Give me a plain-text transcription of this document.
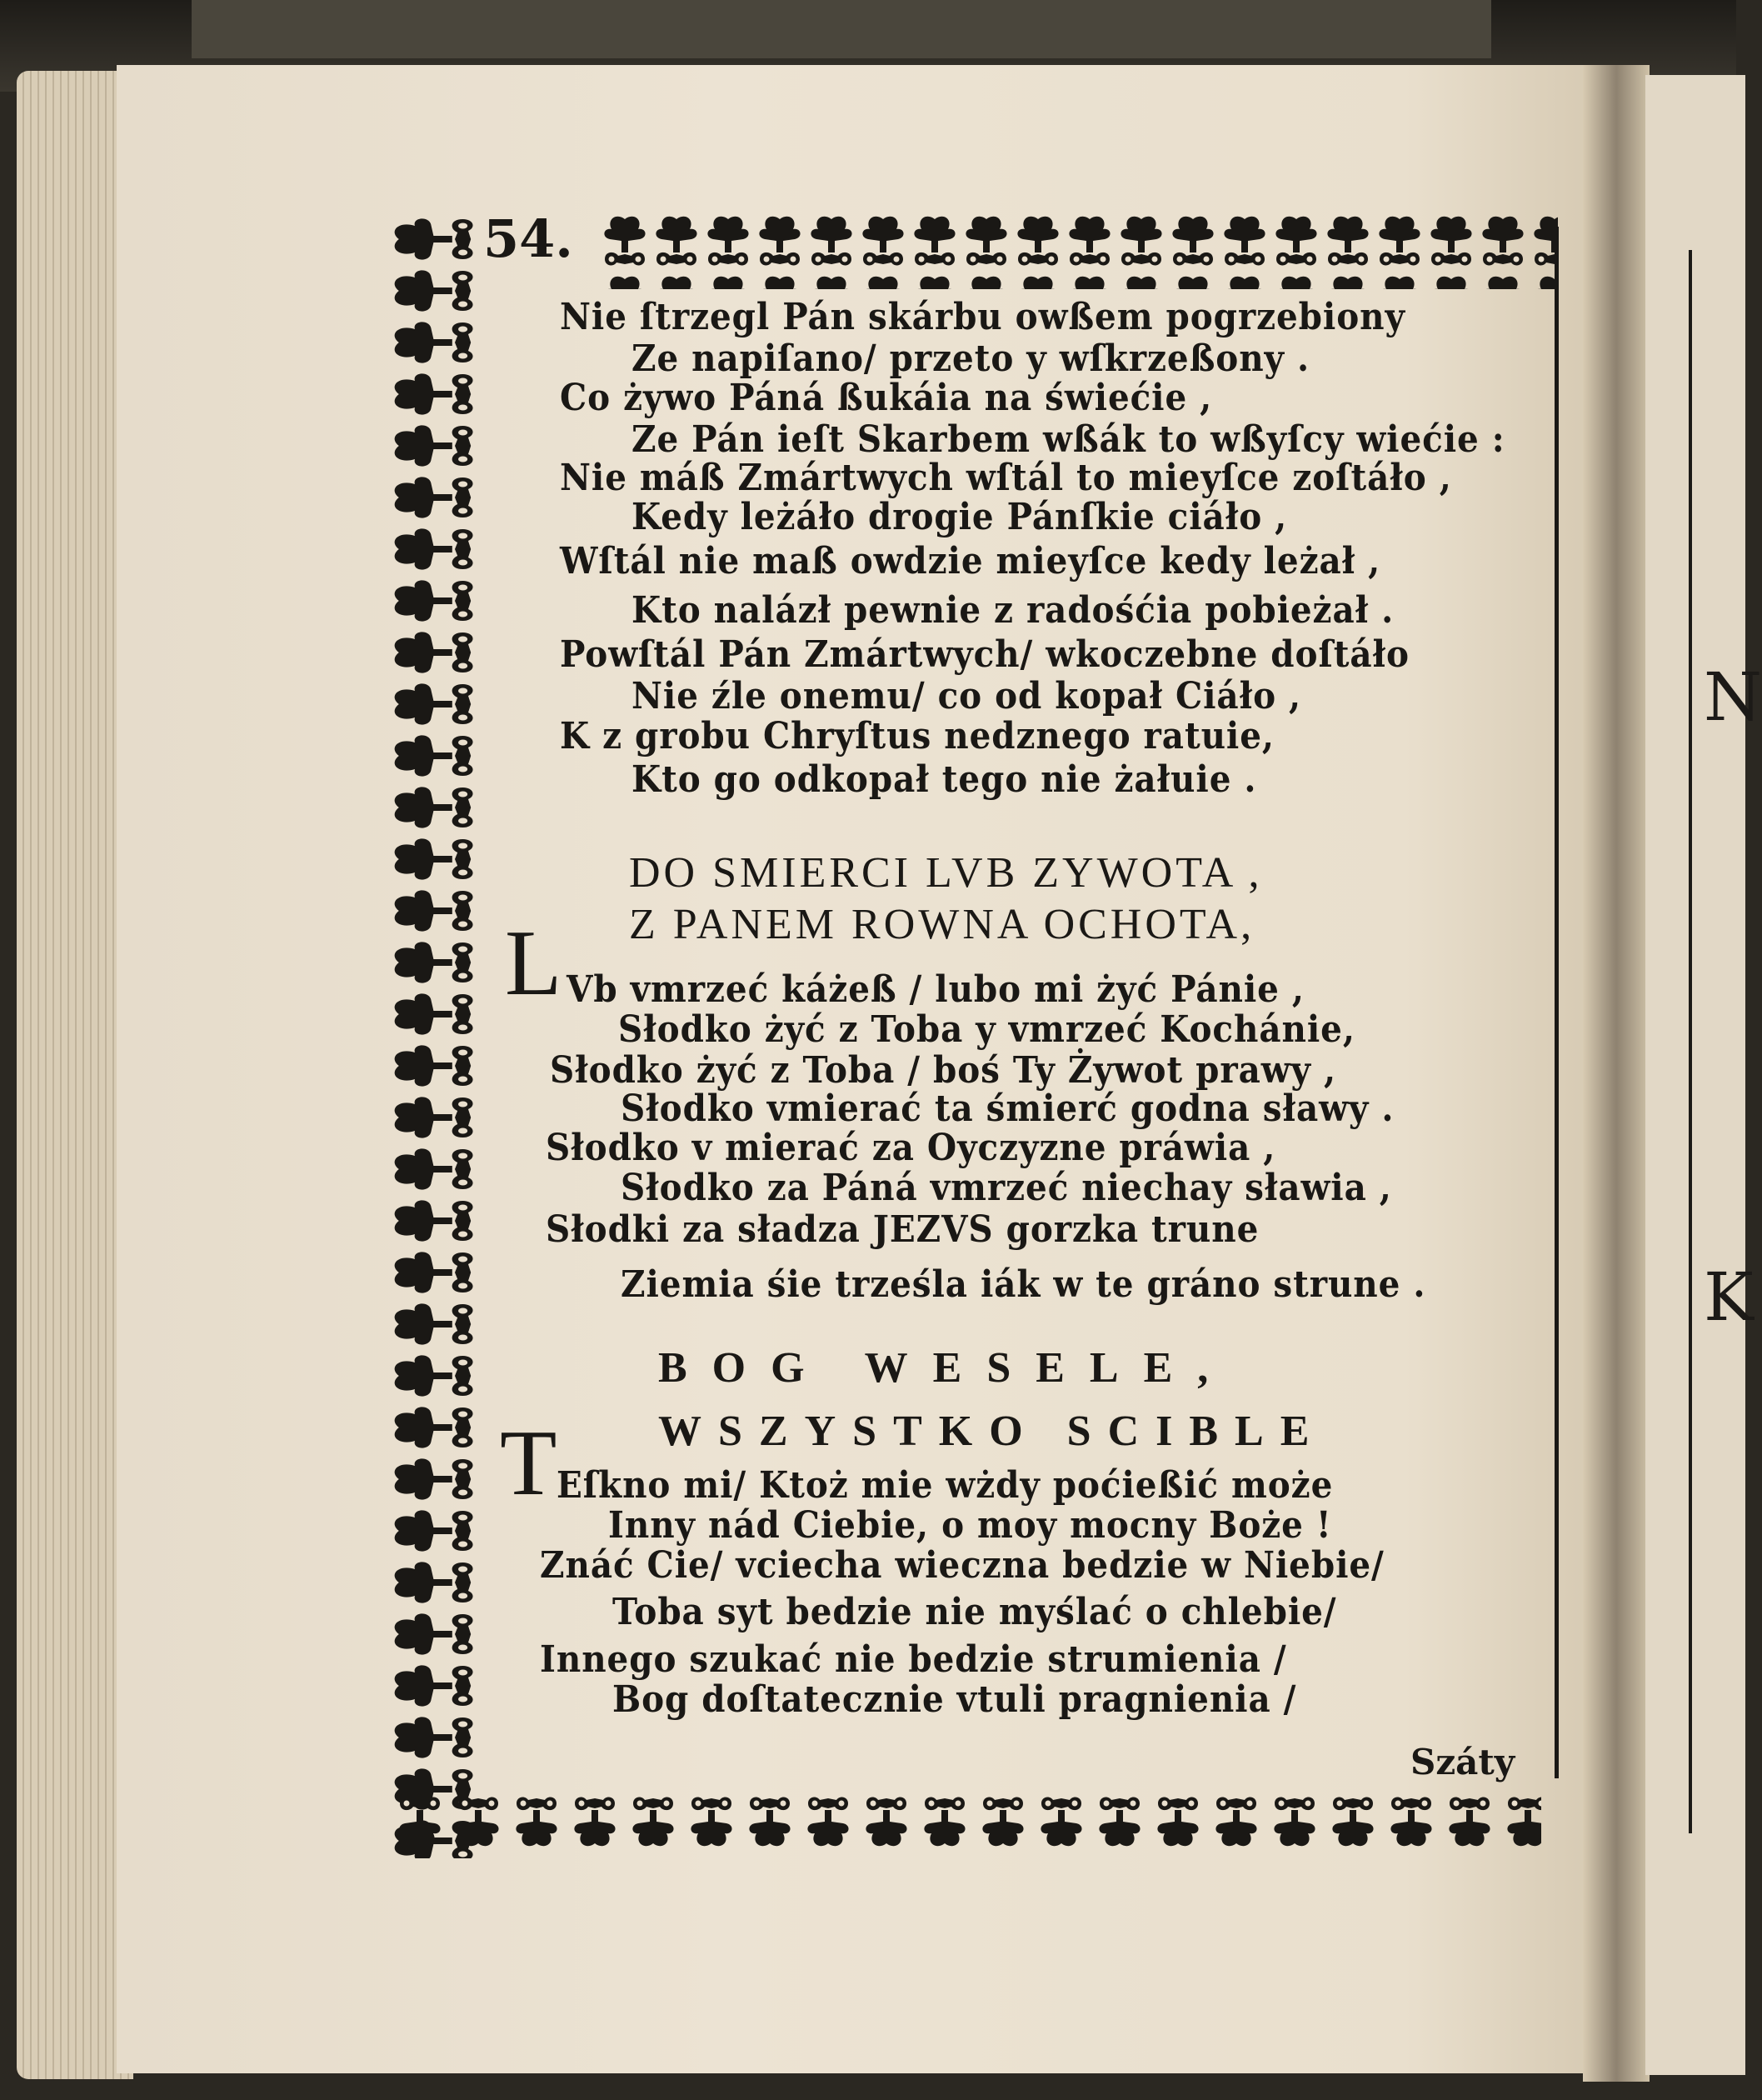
N
K
54.
Nie ſtrzegl Pán skárbu owßem pogrzebiony
Ze napiſano/ przeto y wſkrzeßony .
Co żywo Páná ßukáia na świećie ,
Ze Pán ieſt Skarbem wßák to wßyſcy wiećie :
Nie máß Zmártwych wſtál to mieyſce zoſtáło ,
Kedy leżáło drogie Pánſkie ciáło ,
Wſtál nie maß owdzie mieyſce kedy leżał ,
Kto nalázł pewnie z radośćia pobieżał .
Powſtál Pán Zmártwych/ wkoczebne doſtáło
Nie źle onemu/ co od kopał Ciáło ,
K z grobu Chryſtus nedznego ratuie,
Kto go odkopał tego nie żałuie .
DO SMIERCI LVB ZYWOTA ,
Z PANEM ROWNA OCHOTA,
L Vb vmrzeć káżeß / lubo mi żyć Pánie ,
Słodko żyć z Toba y vmrzeć Kochánie,
Słodko żyć z Toba / boś Ty Żywot prawy ,
Słodko vmierać ta śmierć godna sławy .
Słodko v mierać za Oyczyzne práwia ,
Słodko za Páná vmrzeć niechay sławia ,
Słodki za sładza JEZVS gorzka trune
Ziemia śie trześla iák w te gráno strune .
BOG WESELE,
WSZYSTKO SCIBLE
T Eſkno mi/ Ktoż mie wżdy poćießić może
Inny nád Ciebie, o moy mocny Boże !
Znáć Cie/ vciecha wieczna bedzie w Niebie/
Toba syt bedzie nie myślać o chlebie/
Innego szukać nie bedzie strumienia /
Bog doſtatecznie vtuli pragnienia /
Száty
